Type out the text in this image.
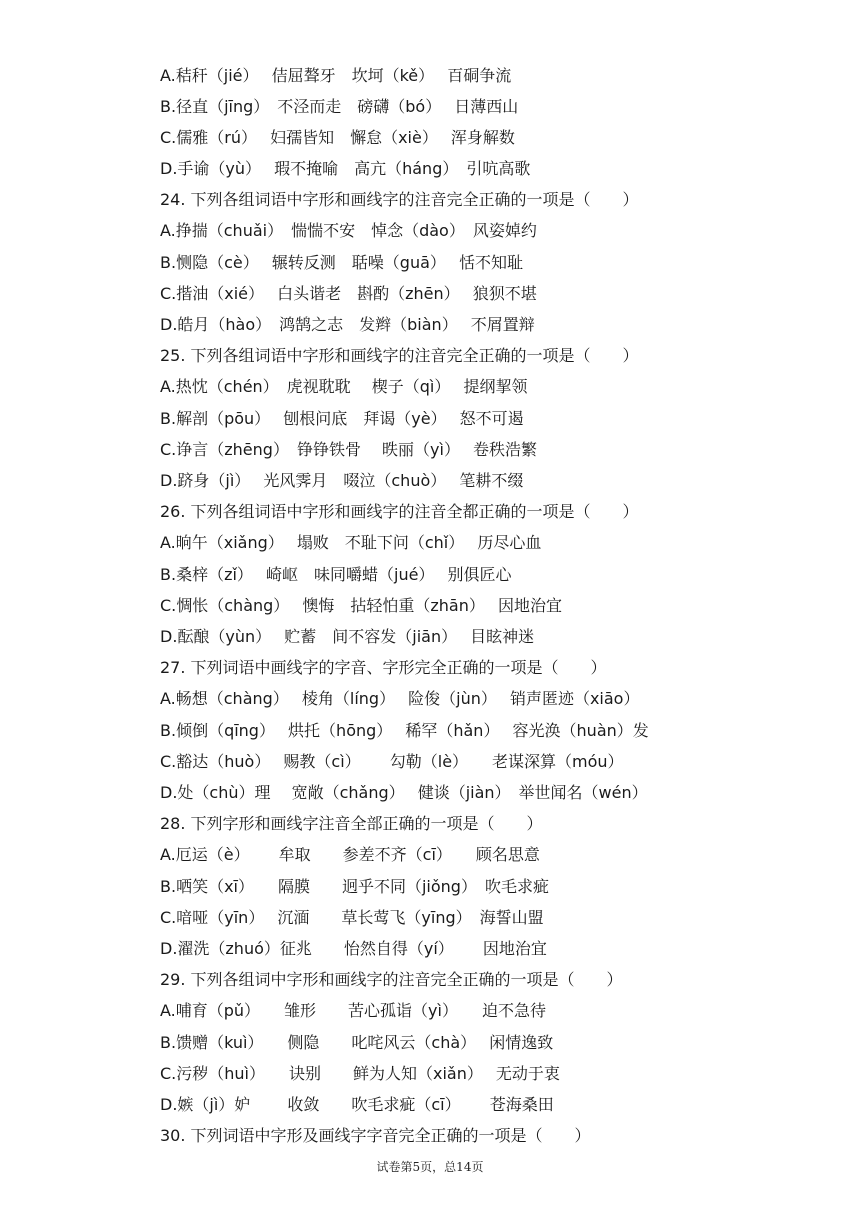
A.秸秆（jié）　 佶屈聱牙　坎坷（kě）　 百硐争流
B.径直（jīng）　不泾而走　磅礴（bó）　 日薄西山
C.儒雅（rú）　 妇孺皆知　懈怠（xiè）　 浑身解数
D.手谕（yù）　 瑕不掩喻　高亢（háng）　引吭高歌
24. 下列各组词语中字形和画线字的注音完全正确的一项是（　　）
A.挣揣（chuǎi）　惴惴不安　悼念（dào）　风姿婥约
B.恻隐（cè）　 辗转反测　聒噪（guā）　 恬不知耻
C.揩油（xié）　 白头谐老　斟酌（zhēn）　 狼狈不堪
D.皓月（hào）　鸿鹄之志　发辫（biàn）　 不屑置辩
25. 下列各组词语中字形和画线字的注音完全正确的一项是（　　）
A.热忱（chén）　虎视耽耽　 楔子（qì）　 提纲挈领
B.解剖（pōu）　 刨根问底　拜谒（yè）　 怒不可遏
C.诤言（zhēng）　铮铮铁骨　 昳丽（yì）　 卷秩浩繁
D.跻身（jì）　 光风霁月　啜泣（chuò）　 笔耕不缀
26. 下列各组词语中字形和画线字的注音全都正确的一项是（　　）
A.晌午（xiǎng）　 塌败　不耻下问（chǐ）　 历尽心血
B.桑梓（zǐ）　 崎岖　味同嚼蜡（jué）　 别俱匠心
C.惆怅（chàng）　 懊悔　拈轻怕重（zhān）　 因地治宜
D.酝酿（yùn）　 贮蓄　间不容发（jiān）　 目眩神迷
27. 下列词语中画线字的字音、字形完全正确的一项是（　　）
A.畅想（chàng）　 棱角（líng）　 险俊（jùn）　 销声匿迹（xiāo）
B.倾倒（qīng）　 烘托（hōng）　 稀罕（hǎn）　 容光涣（huàn）发
C.豁达（huò）　 赐教（cì）　　 勾勒（lè）　　老谋深算（móu）
D.处（chù）理　 宽敞（chǎng）　 健谈（jiàn）　举世闻名（wén）
28. 下列字形和画线字注音全部正确的一项是（　　）
A.厄运（è）　　 牟取　　参差不齐（cī）　　顾名思意
B.哂笑（xī）　　隔膜　　迥乎不同（jiǒng）　吹毛求疵
C.喑哑（yīn）　 沉湎　　草长莺飞（yīng）　海誓山盟
D.濯洗（zhuó）征兆　　怡然自得（yí）　　 因地治宜
29. 下列各组词中字形和画线字的注音完全正确的一项是（　　）
A.哺育（pǔ）　　雏形　　苦心孤诣（yì）　　迫不急待
B.馈赠（kuì）　　侧隐　　叱咤风云（chà）　 闲情逸致
C.污秽（huì）　　诀别　　鲜为人知（xiǎn）　 无动于衷
D.嫉（jì）妒　　 收敛　　吹毛求疵（cī）　　 苍海桑田
30. 下列词语中字形及画线字字音完全正确的一项是（　　）
试卷第5页，总14页
